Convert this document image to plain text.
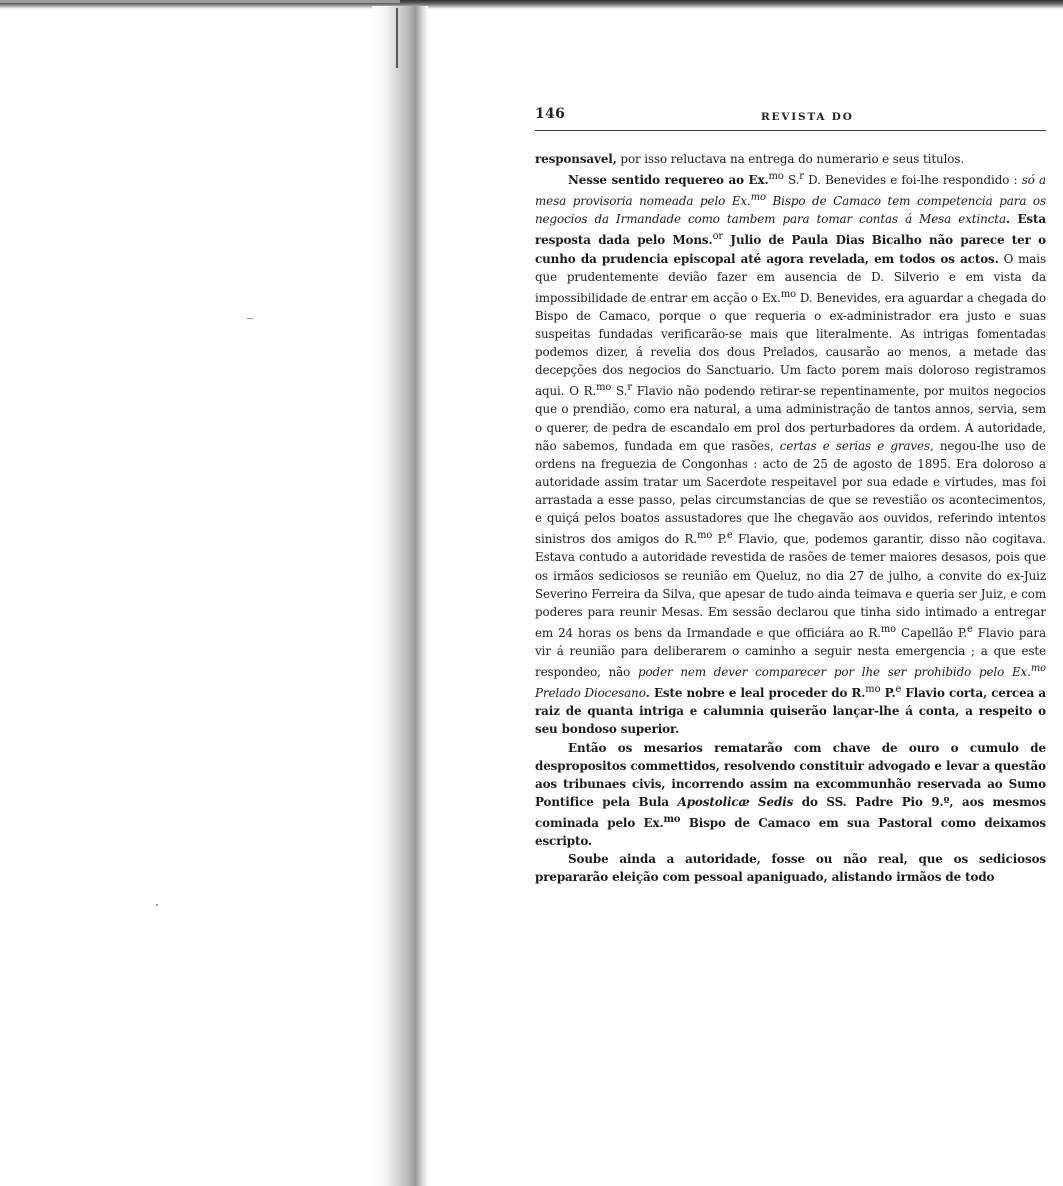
146	REVISTA DO

responsavel, por isso reluctava na entrega do numerario e seus titulos.

Nesse sentido requereo ao Ex.$^{mo}$ S.$^r$ D. Benevides e foi-lhe respondido : só a mesa provisoria nomeada pelo Ex.$^{mo}$ Bispo de Camaco tem competencia para os negocios da Irmandade como tambem para tomar contas á Mesa extincta. Esta resposta dada pelo Mons.$^{or}$ Julio de Paula Dias Bicalho não parece ter o cunho da prudencia episcopal até agora revelada, em todos os actos. O mais que prudentemente devião fazer em ausencia de D. Silverio e em vista da impossibilidade de entrar em acção o Ex.$^{mo}$ D. Benevides, era aguardar a chegada do Bispo de Camaco, porque o que requeria o ex-administrador era justo e suas suspeitas fundadas verificarão-se mais que literalmente. As intrigas fomentadas podemos dizer, á revelia dos dous Prelados, causarão ao menos, a metade das decepções dos negocios do Sanctuario. Um facto porem mais doloroso registramos aqui. O R.$^{mo}$ S.$^r$ Flavio não podendo retirar-se repentinamente, por muitos negocios que o prendião, como era natural, a uma administração de tantos annos, servia, sem o querer, de pedra de escandalo em prol dos perturbadores da ordem. A autoridade, não sabemos, fundada em que rasões, certas e serias e graves, negou-lhe uso de ordens na freguezia de Congonhas : acto de 25 de agosto de 1895. Era doloroso a autoridade assim tratar um Sacerdote respeitavel por sua edade e virtudes, mas foi arrastada a esse passo, pelas circumstancias de que se revestião os acontecimentos, e quiçá pelos boatos assustadores que lhe chegavão aos ouvidos, referindo intentos sinistros dos amigos do R.$^{mo}$ P.$^e$ Flavio, que, podemos garantir, disso não cogitava. Estava contudo a autoridade revestida de rasões de temer maiores desasos, pois que os irmãos sediciosos se reunião em Queluz, no dia 27 de julho, a convite do ex-Juiz Severino Ferreira da Silva, que apesar de tudo ainda teimava e queria ser Juiz, e com poderes para reunir Mesas. Em sessão declarou que tinha sido intimado a entregar em 24 horas os bens da Irmandade e que officiára ao R.$^{mo}$ Capellão P.$^e$ Flavio para vir á reunião para deliberarem o caminho a seguir nesta emergencia ; a que este respondeo, não poder nem dever comparecer por lhe ser prohibido pelo Ex.$^{mo}$ Prelado Diocesano. Este nobre e leal proceder do R.$^{mo}$ P.$^e$ Flavio corta, cercea a raiz de quanta intriga e calumnia quiserão lançar-lhe á conta, a respeito o seu bondoso superior.

Então os mesarios rematarão com chave de ouro o cumulo de despropositos commettidos, resolvendo constituir advogado e levar a questão aos tribunaes civis, incorrendo assim na excommunhão reservada ao Sumo Pontifice pela Bula Apostolicæ Sedis do SS. Padre Pio 9.º, aos mesmos cominada pelo Ex.$^{mo}$ Bispo de Camaco em sua Pastoral como deixamos escripto.

Soube ainda a autoridade, fosse ou não real, que os sediciosos prepararão eleição com pessoal apaniguado, alistando irmãos de todo
